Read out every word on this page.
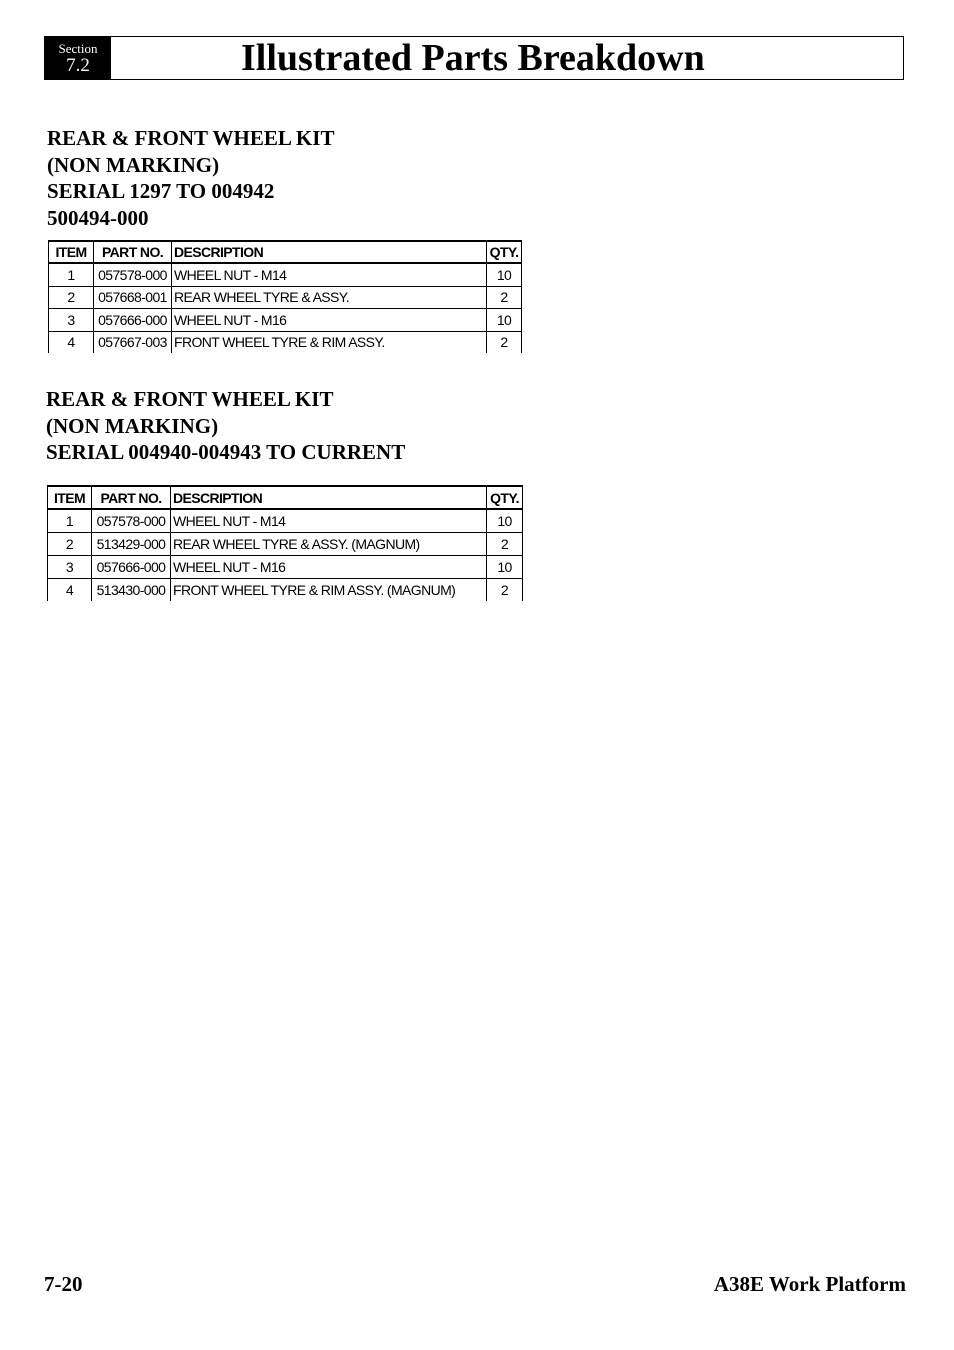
Section
7.2	Illustrated Parts Breakdown
REAR & FRONT WHEEL KIT
(NON MARKING)
SERIAL 1297 TO 004942
500494-000
ITEM	PART NO.	DESCRIPTION	QTY.
1	057578-000	WHEEL NUT - M14	10
2	057668-001	REAR WHEEL TYRE & ASSY.	2
3	057666-000	WHEEL NUT - M16	10
4	057667-003	FRONT WHEEL TYRE & RIM ASSY.	2
REAR & FRONT WHEEL KIT
(NON MARKING)
SERIAL 004940-004943 TO CURRENT
ITEM	PART NO.	DESCRIPTION	QTY.
1	057578-000	WHEEL NUT - M14	10
2	513429-000	REAR WHEEL TYRE & ASSY. (MAGNUM)	2
3	057666-000	WHEEL NUT - M16	10
4	513430-000	FRONT WHEEL TYRE & RIM ASSY. (MAGNUM)	2
7-20	A38E Work Platform
